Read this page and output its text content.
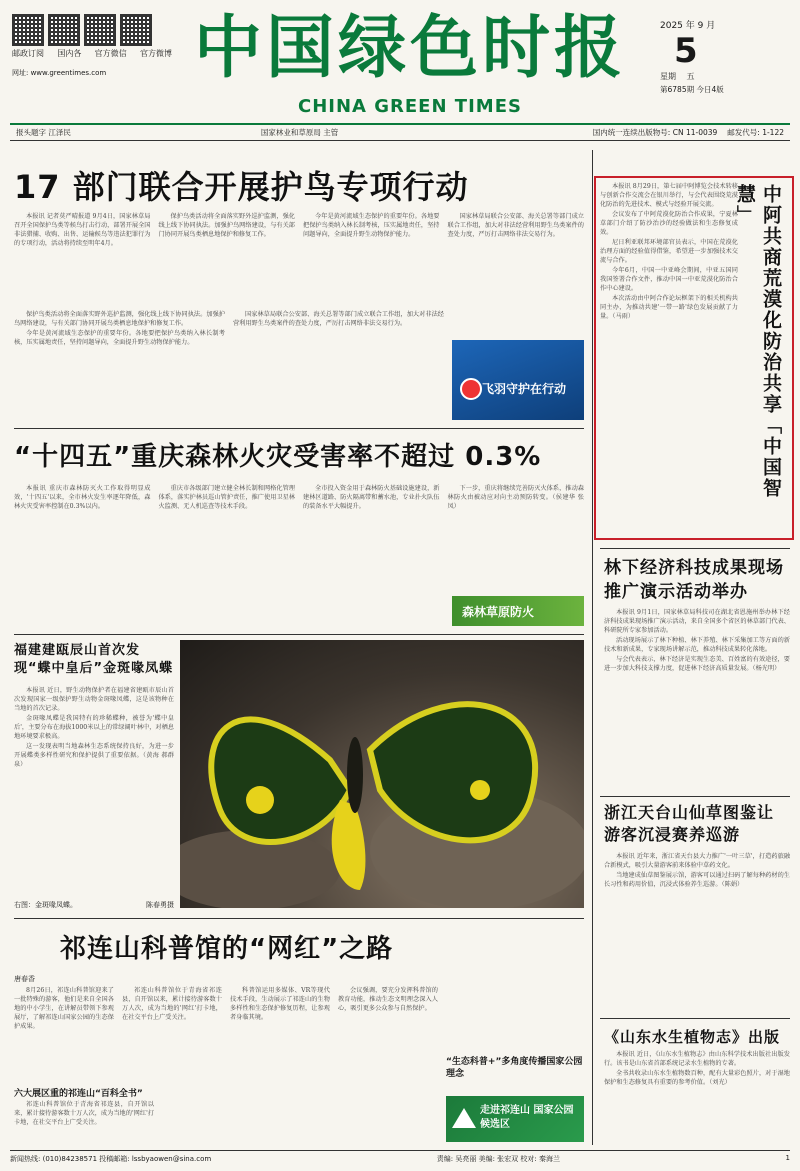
邮政订阅 国内各 官方微信 官方微博
网址: www.greentimes.com 中国绿色时报
CHINA GREEN TIMES
2025 年 9 月
5
星期 五
第6785期 今日4版
报头题字 江泽民	国家林业和草原局 主管	国内统一连续出版物号: CN 11-0039 邮发代号: 1-122
17 部门联合开展护鸟专项行动

本报讯 记者莫严晴报道 9月4日，国家林草局召开全国保护鸟类等候鸟打击行动，部署开展全国非法猎捕、收购、出售、运输候鸟等违法犯罪行为的专项行动，活动将持续至明年4月。

保护鸟类活动将全面落实野外巡护监测，强化线上线下协同执法。加强护鸟网络建设，与有关部门协同开展鸟类栖息地保护和修复工作。

今年是黄河流域生态保护的重要年份。各地要把保护鸟类纳入林长制考核，压实属地责任，坚持问题导向，全面提升野生动物保护能力。

国家林草局联合公安部、海关总署等部门成立联合工作组，加大对非法经营利用野生鸟类案件的查处力度，严厉打击网络非法交易行为。

保护鸟类活动将全面落实野外巡护监测，强化线上线下协同执法。加强护鸟网络建设，与有关部门协同开展鸟类栖息地保护和修复工作。

今年是黄河流域生态保护的重要年份。各地要把保护鸟类纳入林长制考核，压实属地责任，坚持问题导向，全面提升野生动物保护能力。

国家林草局联合公安部、海关总署等部门成立联合工作组，加大对非法经营利用野生鸟类案件的查处力度，严厉打击网络非法交易行为。

飞羽守护在行动

本报讯 8月29日，第七届中阿博览会技术转移与创新合作交流会在银川举行，与会代表围绕荒漠化防治的先进技术、模式与经验开展交流。

会议发布了中阿荒漠化防治合作成果，宁夏林草部门介绍了防沙治沙的经验做法和生态修复成效。

尼日利亚联邦环境部官员表示，中国在荒漠化治理方面的经验值得借鉴，希望进一步加强技术交流与合作。

今年6月，中国一中亚峰会期间，中亚五国同我国签署合作文件，推动中国一中亚荒漠化防治合作中心建设。

本次活动由中阿合作论坛框架下的相关机构共同主办，为推动共建'一带一路'绿色发展贡献了力量。（马雨）	中阿共商荒漠化防治共享「中国智慧」
“十四五”重庆森林火灾受害率不超过 0.3%

本报讯 重庆市森林防灭火工作取得明显成效，'十四五'以来，全市林火发生率逐年降低，森林火灾受害率控制在0.3%以内。

重庆市各级部门建立健全林长制和网格化管理体系，落实护林员巡山管护责任，推广使用卫星林火监测、无人机巡查等技术手段。

全市投入资金用于森林防火基础设施建设，新建林区道路、防火隔离带和蓄水池，专业扑火队伍的装备水平大幅提升。

下一步，重庆将继续完善防灭火体系，推动森林防火由被动应对向主动预防转变。（侯建华 张凤）

森林草原防火
林下经济科技成果现场推广演示活动举办

本报讯 9月1日，国家林草局科技司在湖北省恩施州举办林下经济科技成果现场推广演示活动，来自全国多个省区的林草部门代表、科研院所专家参加活动。

活动现场展示了林下种植、林下养殖、林下采集加工等方面的新技术和新成果，专家现场讲解示范，推动科技成果转化落地。

与会代表表示，林下经济是实现生态美、百姓富的有效途径，要进一步加大科技支撑力度，促进林下经济高质量发展。（杨光明）

浙江天台山仙草图鉴让游客沉浸赛养巡游

本报讯 近年来，浙江省天台县大力推广'一叶三草'，打造药旅融合新模式，吸引大量游客前来体验中草药文化。

当地建成仙草图鉴展示馆，游客可以通过扫码了解每种药材的生长习性和药用价值，沉浸式体验养生巡游。（陈娟）

福建建瓯辰山首次发现“蝶中皇后”金斑喙凤蝶

本报讯 近日，野生动物保护者在福建省建瓯市辰山首次发现国家一级保护野生动物金斑喙凤蝶，这是该物种在当地的首次记录。

金斑喙凤蝶是我国特有的珍稀蝶种，被誉为'蝶中皇后'，主要分布在海拔1000米以上的常绿阔叶林中，对栖息地环境要求极高。

这一发现表明当地森林生态系统保持良好，为进一步开展蝶类多样性研究和保护提供了重要依据。（黄海 郝群泉）

右图：金斑喙凤蝶。	陈春勇摄
祁连山科普馆的“网红”之路
唐春香

8月26日，祁连山科普馆迎来了一批特殊的游客，他们是来自全国各地的中小学生，在讲解员带领下参观展厅，了解祁连山国家公园的生态保护成果。

祁连山科普馆位于青海省祁连县，自开馆以来，累计接待游客数十万人次，成为当地的'网红'打卡地，在社交平台上广受关注。

科普馆运用多媒体、VR等现代技术手段，生动展示了祁连山的生物多样性和生态保护修复历程，让参观者身临其境。

会议强调，要充分发挥科普馆的教育功能，推动生态文明理念深入人心，吸引更多公众参与自然保护。

六大展区重的祁连山“百科全书”

祁连山科普馆位于青海省祁连县，自开馆以来，累计接待游客数十万人次，成为当地的'网红'打卡地，在社交平台上广受关注。

“生态科普+”多角度传播国家公园理念
走进祁连山 国家公园候选区
《山东水生植物志》出版

本报讯 近日，《山东水生植物志》由山东科学技术出版社出版发行。该书是山东省首部系统记录水生植物的专著。

全书共收录山东水生植物数百种，配有大量彩色照片，对于湿地保护和生态修复具有重要的参考价值。（刘光）

新闻热线: (010)84238571 投稿邮箱: lssbyaowen@sina.com	责编: 吴亮丽 美编: 张宏双 校对: 秦海兰	1
